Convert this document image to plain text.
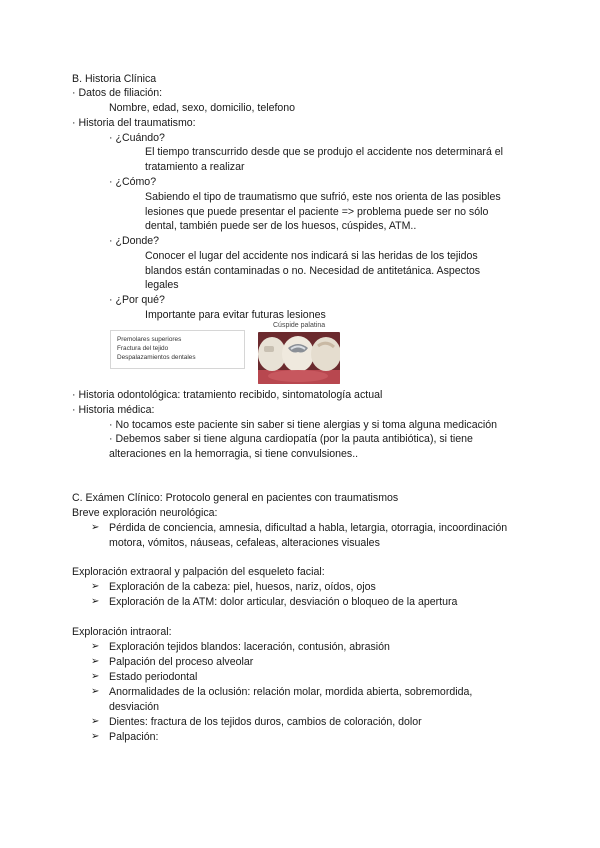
B. Historia Clínica
· Datos de filiación:
Nombre, edad, sexo, domicilio, telefono
· Historia del traumatismo:
· ¿Cuándo?
El tiempo transcurrido desde que se produjo el accidente nos determinará el
tratamiento a realizar
· ¿Cómo?
Sabiendo el tipo de traumatismo que sufrió, este nos orienta de las posibles
lesiones que puede presentar el paciente => problema puede ser no sólo
dental, también puede ser de los huesos, cúspides, ATM..
· ¿Donde?
Conocer el lugar del accidente nos indicará si las heridas de los tejidos
blandos están contaminadas o no. Necesidad de antitetánica. Aspectos
legales
· ¿Por qué?
Importante para evitar futuras lesiones
Premolares superiores
Fractura del tejido
Despalazamientos dentales
Cúspide palatina
· Historia odontológica: tratamiento recibido, sintomatología actual
· Historia médica:
· No tocamos este paciente sin saber si tiene alergias y si toma alguna medicación
· Debemos saber si tiene alguna cardiopatía (por la pauta antibiótica), si tiene
alteraciones en la hemorragia, si tiene convulsiones..
C. Exámen Clínico: Protocolo general en pacientes con traumatismos
Breve exploración neurológica:
➢ Pérdida de conciencia, amnesia, dificultad a habla, letargia, otorragia, incoordinación
motora, vómitos, náuseas, cefaleas, alteraciones visuales
Exploración extraoral y palpación del esqueleto facial:
➢ Exploración de la cabeza: piel, huesos, nariz, oídos, ojos
➢ Exploración de la ATM: dolor articular, desviación o bloqueo de la apertura
Exploración intraoral:
➢ Exploración tejidos blandos: laceración, contusión, abrasión
➢ Palpación del proceso alveolar
➢ Estado periodontal
➢ Anormalidades de la oclusión: relación molar, mordida abierta, sobremordida,
desviación
➢ Dientes: fractura de los tejidos duros, cambios de coloración, dolor
➢ Palpación:
